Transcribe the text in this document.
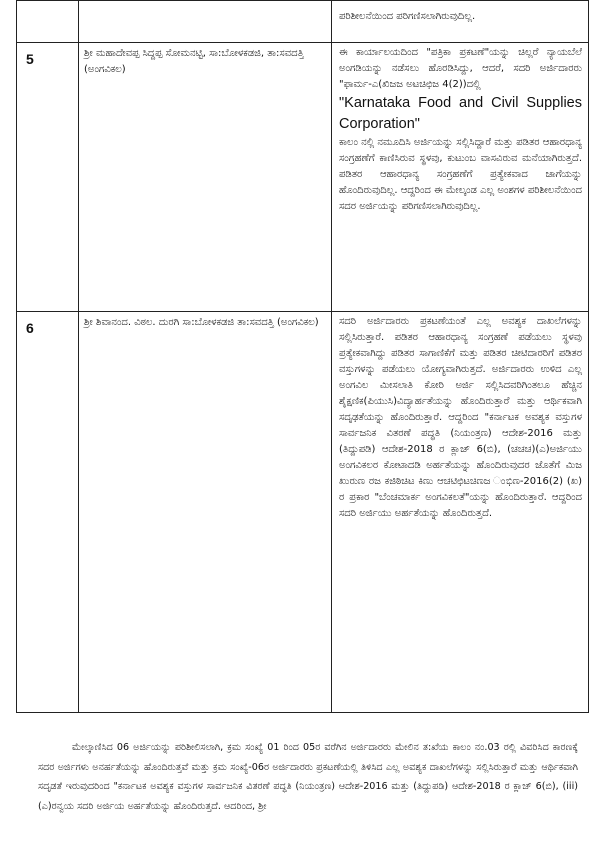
		ಪರಿಶೀಲನೆಯಿಂದ ಪರಿಗಣಿಸಲಾಗಿರುವುದಿಲ್ಲ.

5	ಶ್ರೀ ಮಹಾದೇವಪ್ಪ ಸಿದ್ದಪ್ಪ ಸೋಮನಟ್ಟಿ, ಸಾ:ಬೋಳಕಡಜಿ, ತಾ:ಸವದತ್ತಿ (ಅಂಗವಿಕಲ)	ಈ ಕಾರ್ಯಾಲಯದಿಂದ "ಪತ್ರಿಕಾ ಪ್ರಕಟಣೆ"ಯನ್ನು ಚಿಲ್ಲರೆ ನ್ಯಾಯಬೆಲೆ ಅಂಗಡಿಯನ್ನು ನಡೆಸಲು ಹೊರಡಿಸಿದ್ದು, ಆದರೆ, ಸದರಿ ಅರ್ಜಿದಾರರು "ಫಾರ್ಮ-ಎ(ಖಿಜಜ ಅಟಚಿಛಿಜ 4(2))ದಲ್ಲಿ
"Karnataka Food and Civil Supplies Corporation"
ಕಾಲಂ ನಲ್ಲಿ ನಮೂದಿಸಿ ಅರ್ಜಿಯನ್ನು ಸಲ್ಲಿಸಿದ್ದಾರೆ ಮತ್ತು ಪಡಿತರ ಆಹಾರಧಾನ್ಯ ಸಂಗ್ರಹಣೆಗೆ ಕಾಣಿಸಿರುವ ಸ್ಥಳವು, ಕುಟುಂಬ ವಾಸವಿರುವ ಮನೆಯಾಗಿರುತ್ತದೆ. ಪಡಿತರ ಆಹಾರಧಾನ್ಯ ಸಂಗ್ರಹಣೆಗೆ ಪ್ರತ್ಯೇಕವಾದ ಜಾಗೆಯನ್ನು ಹೊಂದಿರುವುದಿಲ್ಲ. ಆದ್ದರಿಂದ ಈ ಮೇಲ್ಕಂಡ ಎಲ್ಲ ಅಂಶಗಳ ಪರಿಶೀಲನೆಯಿಂದ ಸದರ ಅರ್ಜಿಯನ್ನು ಪರಿಗಣಿಸಲಾಗಿರುವುದಿಲ್ಲ.

6	ಶ್ರೀ ಶಿವಾನಂದ. ವಿಠಲ. ದುರಗಿ ಸಾ:ಬೋಳಕಡಜಿ ತಾ:ಸವದತ್ತಿ (ಅಂಗವಿಕಲ)	ಸದರಿ ಅರ್ಜಿದಾರರು ಪ್ರಕಟಣೆಯಂತೆ ಎಲ್ಲ ಅವಶ್ಯಕ ದಾಖಲೆಗಳನ್ನು ಸಲ್ಲಿಸಿರುತ್ತಾರೆ. ಪಡಿತರ ಆಹಾರಧಾನ್ಯ ಸಂಗ್ರಹಣೆ ಪಡೆಯಲು ಸ್ಥಳವು ಪ್ರತ್ಯೇಕವಾಗಿದ್ದು ಪಡಿತರ ಸಾಗಾಣಿಕೆಗೆ ಮತ್ತು ಪಡಿತರ ಚೀಟಿದಾರರಿಗೆ ಪಡಿತರ ವಸ್ತುಗಳನ್ನು ಪಡೆಯಲು ಯೋಗ್ಯವಾಗಿರುತ್ತದೆ. ಅರ್ಜಿದಾರರು ಉಳಿದ ಎಲ್ಲ ಅಂಗವಿಲ ಮೀಸಲಾತಿ ಕೋರಿ ಅರ್ಜಿ ಸಲ್ಲಿಸಿದವರಿಗಿಂತಲೂ ಹೆಚ್ಚಿನ ಶೈಕ್ಷಣಿಕ(ಪಿಯುಸಿ)ವಿದ್ಯಾರ್ಹತೆಯನ್ನು ಹೊಂದಿರುತ್ತಾರೆ ಮತ್ತು ಆರ್ಥಿಕವಾಗಿ ಸದೃಢತೆಯನ್ನು ಹೊಂದಿರುತ್ತಾರೆ. ಆದ್ದರಿಂದ "ಕರ್ನಾಟಕ ಅವಶ್ಯಕ ವಸ್ತುಗಳ ಸಾರ್ವಜನಿಕ ವಿತರಣೆ ಪದ್ಧತಿ (ನಿಯಂತ್ರಣ) ಆದೇಶ-2016 ಮತ್ತು (ತಿದ್ದುಪಡಿ) ಆದೇಶ-2018 ರ ಕ್ಲಾಜ್ 6(ಬಿ), (ಚಚಚ)(ಎ)ಅರ್ಜಿಯು ಅಂಗವಿಕಲರ ಕೋಟಾದಡಿ ಅರ್ಹತೆಯನ್ನು ಹೊಂದಿರುವುದರ ಜೊತೆಗೆ ಮಿಜ ಖುರುಣ ರಜ ಕಜಿಠಿಚಿಟ ಕಿಣು ಆಚಟಿಛಿಟಚಿಣಜ ಂಭಿಣ-2016(2) (ಖ) ರ ಪ್ರಕಾರ "ಬೆಂಚಮಾರ್ಕ ಅಂಗವಿಕಲತೆ"ಯನ್ನು ಹೊಂದಿರುತ್ತಾರೆ. ಆದ್ದರಿಂದ ಸದರಿ ಅರ್ಜಿಯು ಅರ್ಹತೆಯನ್ನು ಹೊಂದಿರುತ್ತದೆ.
ಮೇಲ್ಕಾಣಿಸಿದ 06 ಅರ್ಜಿಯನ್ನು ಪರಿಶೀಲಿಸಲಾಗಿ, ಕ್ರಮ ಸಂಖ್ಯೆ 01 ರಿಂದ 05ರ ವರೆಗಿನ ಅರ್ಜಿದಾರರು ಮೇಲಿನ ತ:ಖೆಯ ಕಾಲಂ ನಂ.03 ರಲ್ಲಿ ವಿವರಿಸಿದ ಕಾರಣಕ್ಕೆ ಸದರ ಅರ್ಜಿಗಳು ಅನರ್ಹತೆಯನ್ನು ಹೊಂದಿರುತ್ತವೆ ಮತ್ತು ಕ್ರಮ ಸಂಖ್ಯೆ-06ರ ಅರ್ಜಿದಾರರು ಪ್ರಕಟಣೆಯಲ್ಲಿ ತಿಳಿಸಿದ ಎಲ್ಲ ಅವಶ್ಯಕ ದಾಖಲೆಗಳನ್ನು ಸಲ್ಲಿಸಿರುತ್ತಾರೆ ಮತ್ತು ಆರ್ಥಿಕವಾಗಿ ಸದೃಡತೆ ಇರುವುದರಿಂದ "ಕರ್ನಾಟಕ ಅವಶ್ಯಕ ವಸ್ತುಗಳ ಸಾರ್ವಜನಿಕ ವಿತರಣೆ ಪದ್ಧತಿ (ನಿಯಂತ್ರಣ) ಆದೇಶ-2016 ಮತ್ತು (ತಿದ್ದುಪಡಿ) ಆದೇಶ-2018 ರ ಕ್ಲಾಜ್ 6(ಬಿ), (iii)(ಎ)ರನ್ವಯ ಸದರಿ ಅರ್ಜಿಯ ಅರ್ಹತೆಯನ್ನು ಹೊಂದಿರುತ್ತದೆ. ಆದರಿಂದ, ಶ್ರೀ
